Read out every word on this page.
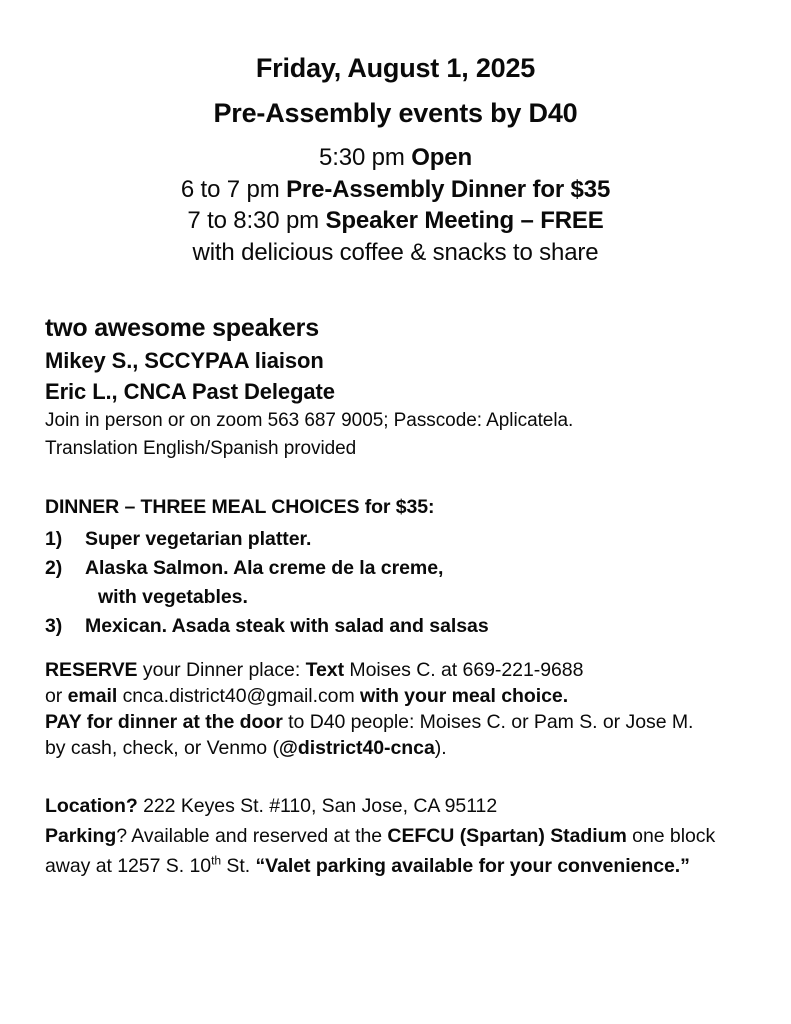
Friday, August 1, 2025
Pre-Assembly events by D40
5:30 pm Open
6 to 7 pm Pre-Assembly Dinner for $35
7 to 8:30 pm Speaker Meeting – FREE
with delicious coffee & snacks to share
two awesome speakers
Mikey S., SCCYPAA liaison
Eric L., CNCA Past Delegate
Join in person or on zoom 563 687 9005; Passcode: Aplicatela.
Translation English/Spanish provided
DINNER – THREE MEAL CHOICES for $35:
1)	Super vegetarian platter.
2)	Alaska Salmon. Ala creme de la creme,
with vegetables.
3)	Mexican. Asada steak with salad and salsas
RESERVE your Dinner place: Text Moises C. at 669-221-9688
or email cnca.district40@gmail.com with your meal choice.
PAY for dinner at the door to D40 people: Moises C. or Pam S. or Jose M.
by cash, check, or Venmo (@district40-cnca).
Location? 222 Keyes St. #110, San Jose, CA 95112
Parking? Available and reserved at the CEFCU (Spartan) Stadium one block
away at 1257 S. 10th St. “Valet parking available for your convenience.”
